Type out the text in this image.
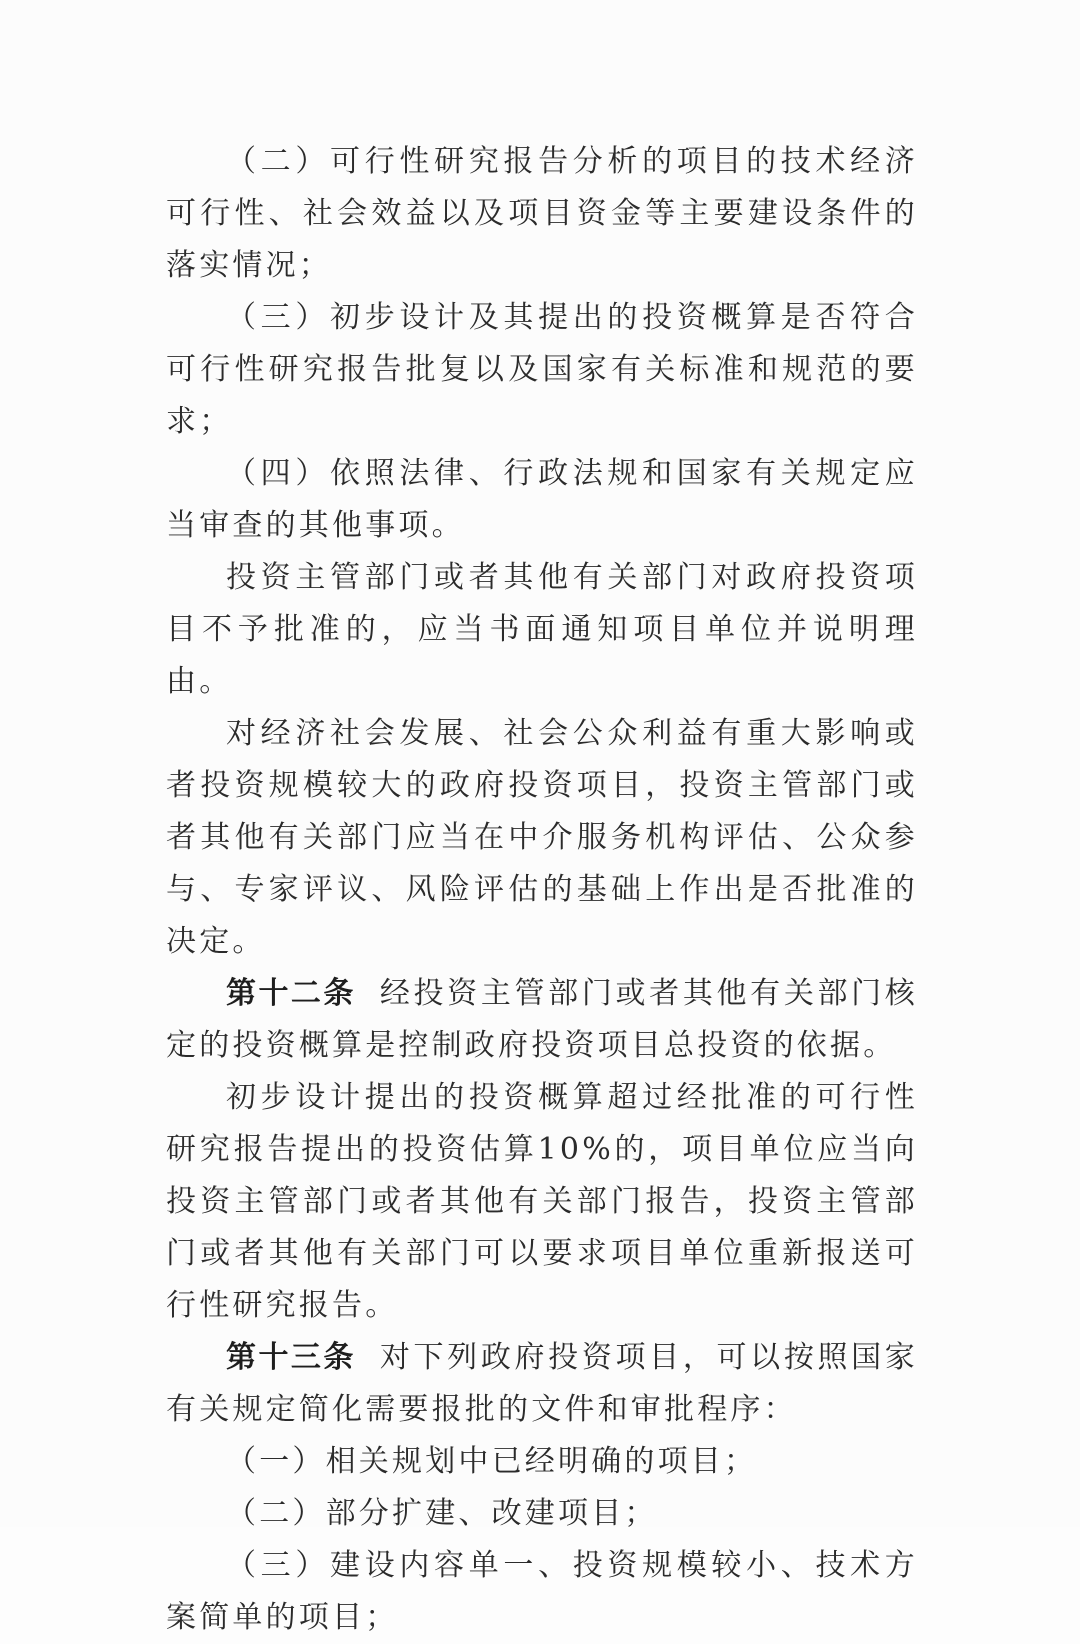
（二）可行性研究报告分析的项目的技术经济可行性、社会效益以及项目资金等主要建设条件的落实情况；

（三）初步设计及其提出的投资概算是否符合可行性研究报告批复以及国家有关标准和规范的要求；

（四）依照法律、行政法规和国家有关规定应当审查的其他事项。

投资主管部门或者其他有关部门对政府投资项目不予批准的，应当书面通知项目单位并说明理由。

对经济社会发展、社会公众利益有重大影响或者投资规模较大的政府投资项目，投资主管部门或者其他有关部门应当在中介服务机构评估、公众参与、专家评议、风险评估的基础上作出是否批准的决定。

第十二条 经投资主管部门或者其他有关部门核定的投资概算是控制政府投资项目总投资的依据。

初步设计提出的投资概算超过经批准的可行性研究报告提出的投资估算10%的，项目单位应当向投资主管部门或者其他有关部门报告，投资主管部门或者其他有关部门可以要求项目单位重新报送可行性研究报告。

第十三条 对下列政府投资项目，可以按照国家有关规定简化需要报批的文件和审批程序：

（一）相关规划中已经明确的项目；

（二）部分扩建、改建项目；

（三）建设内容单一、投资规模较小、技术方案简单的项目；
